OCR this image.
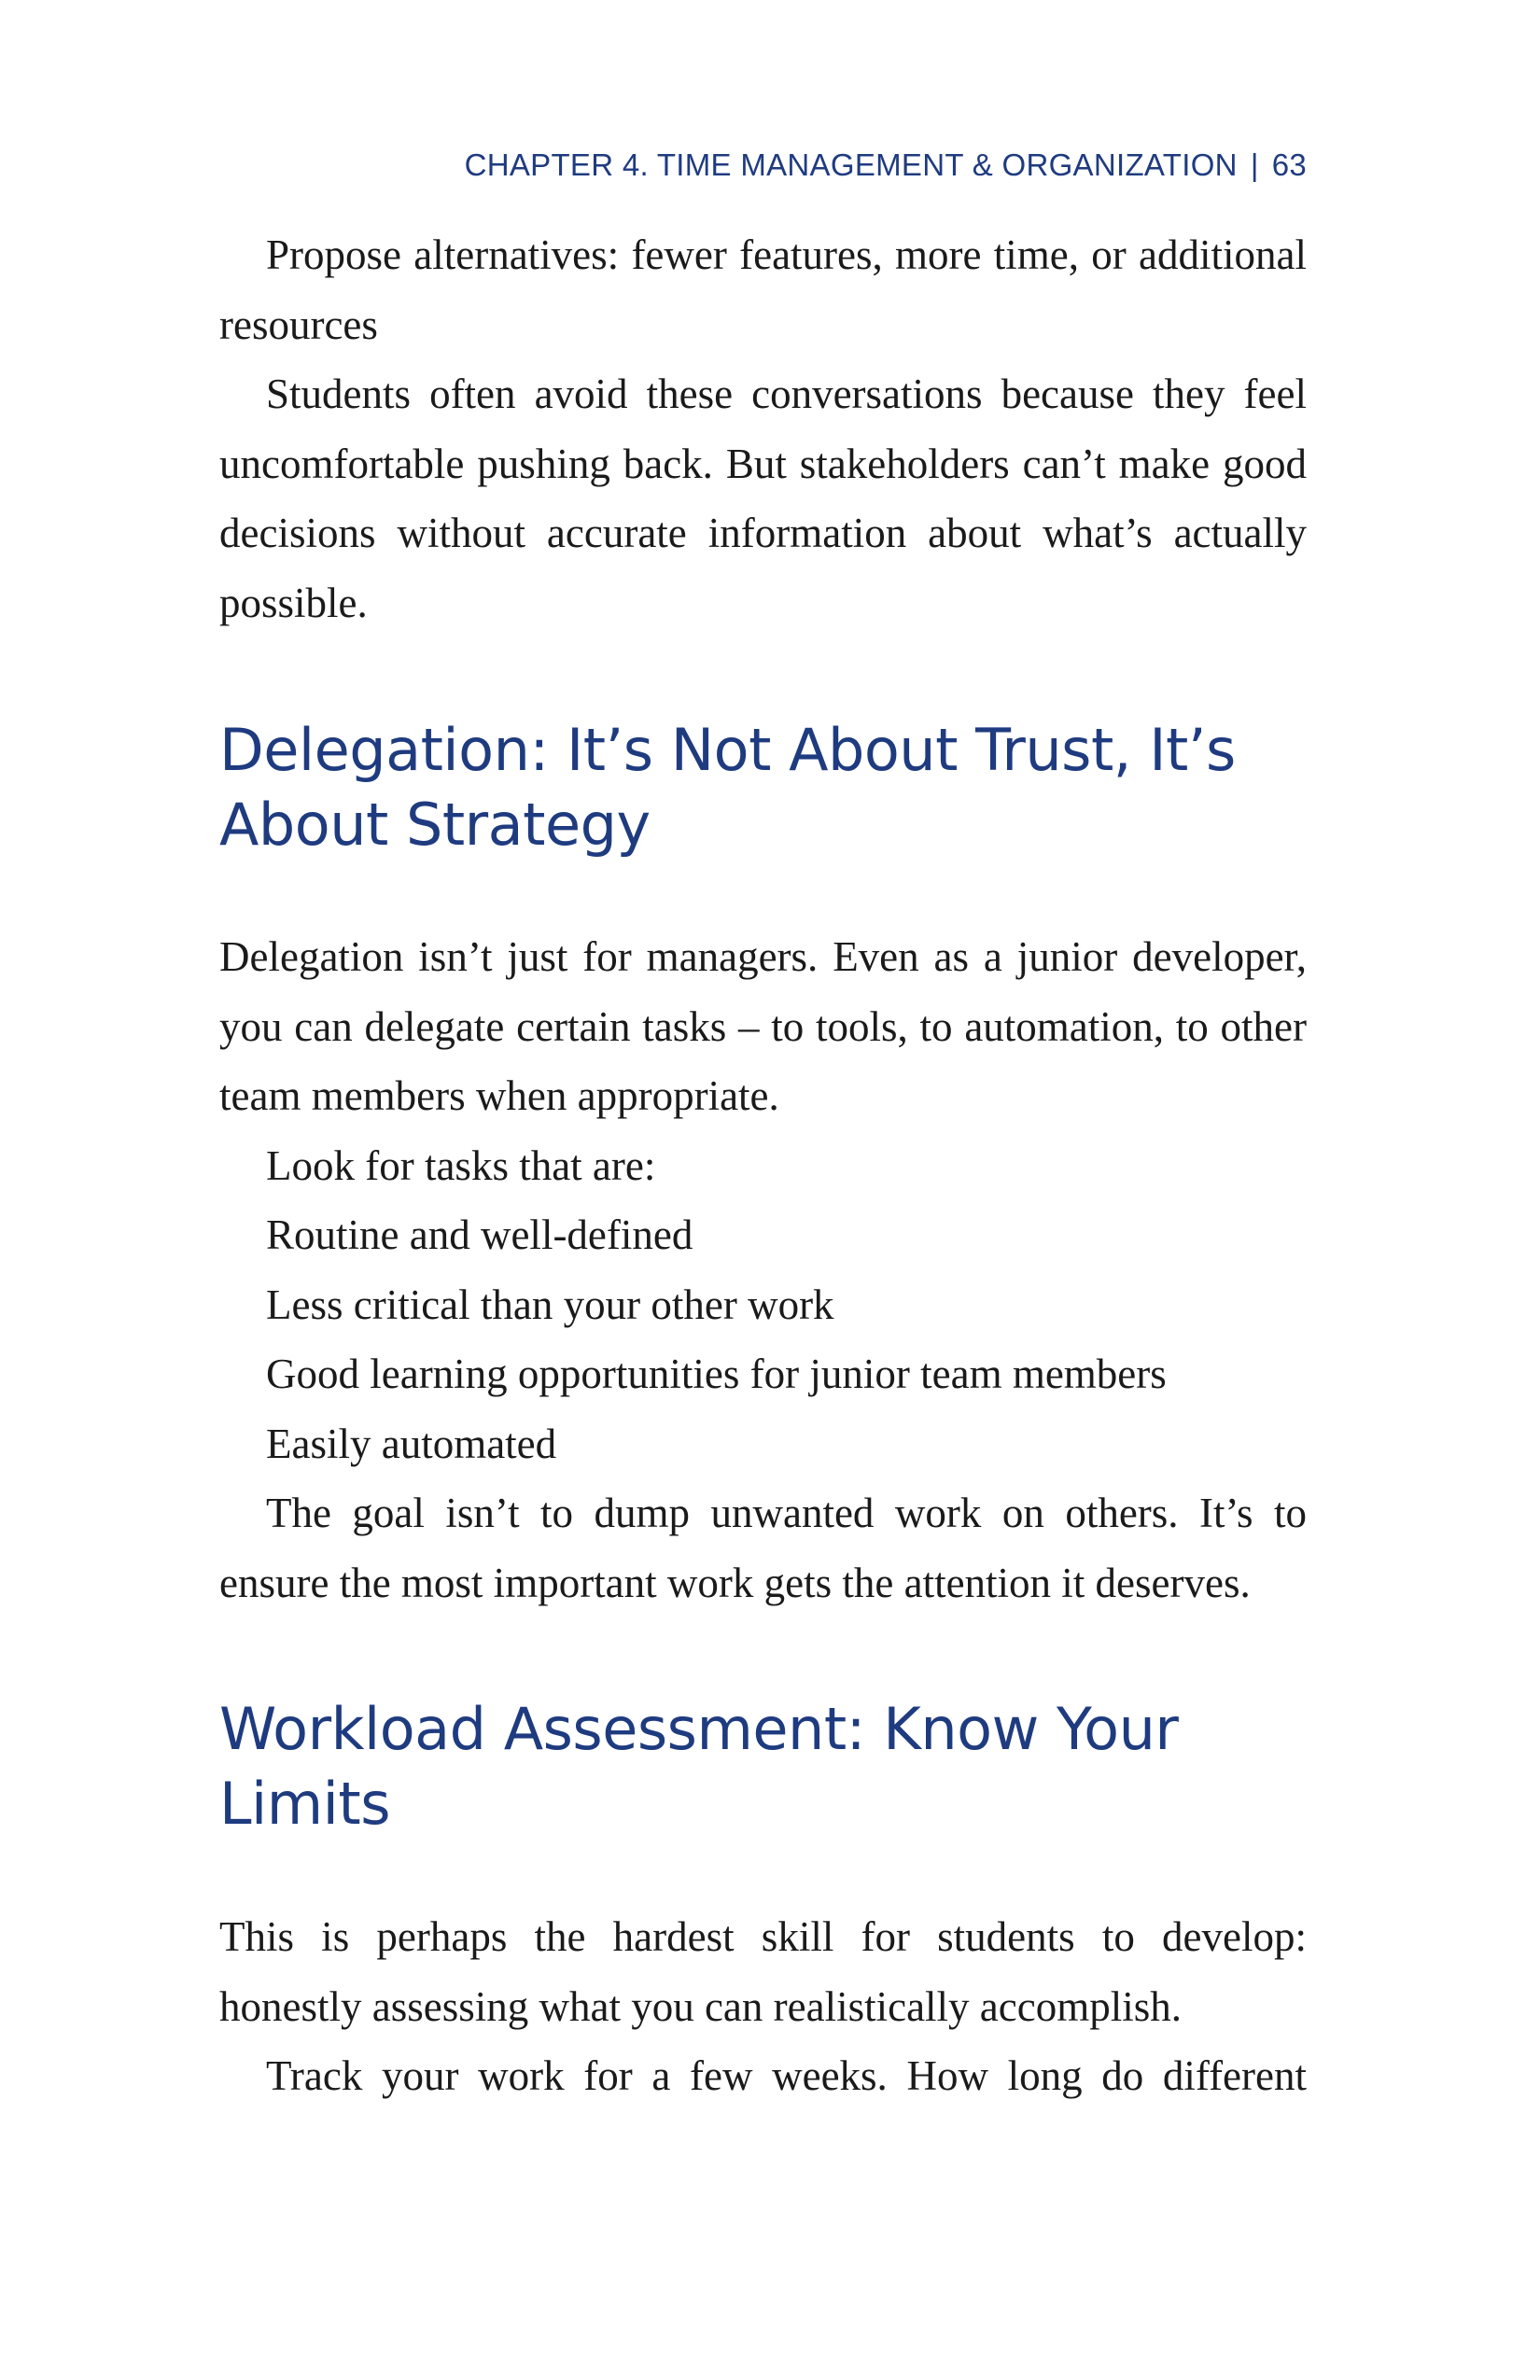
CHAPTER 4. TIME MANAGEMENT & ORGANIZATION | 63

Propose alternatives: fewer features, more time, or additional resources

Students often avoid these conversations because they feel uncomfortable pushing back. But stakeholders can’t make good decisions without accurate information about what’s actually possible.

Delegation: It’s Not About Trust, It’s
About Strategy

Delegation isn’t just for managers. Even as a junior developer, you can delegate certain tasks – to tools, to automation, to other team members when appropriate.

Look for tasks that are:

Routine and well-defined

Less critical than your other work

Good learning opportunities for junior team members

Easily automated

The goal isn’t to dump unwanted work on others. It’s to ensure the most important work gets the attention it deserves.

Workload Assessment: Know Your
Limits

This is perhaps the hardest skill for students to develop: honestly assessing what you can realistically accomplish.

Track your work for a few weeks. How long do different
